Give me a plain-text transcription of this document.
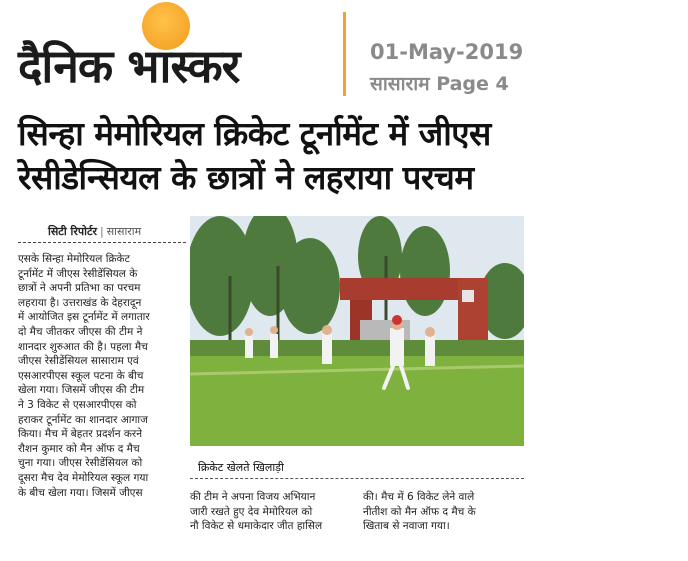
दैनिक भास्कर	01-May-2019
सासाराम Page 4
सिन्हा मेमोरियल क्रिकेट टूर्नामेंट में जीएस
रेसीडेन्सियल के छात्रों ने लहराया परचम
सिटी रिपोर्टर | सासाराम
एसके सिन्हा मेमोरियल क्रिकेट
टूर्नामेंट में जीएस रेसीडेंसियल के
छात्रों ने अपनी प्रतिभा का परचम
लहराया है। उत्तराखंड के देहरादून
में आयोजित इस टूर्नामेंट में लगातार
दो मैच जीतकर जीएस की टीम ने
शानदार शुरुआत की है। पहला मैच
जीएस रेसीडेंसियल सासाराम एवं
एसआरपीएस स्कूल पटना के बीच
खेला गया। जिसमें जीएस की टीम
ने 3 विकेट से एसआरपीएस को
हराकर टूर्नामेंट का शानदार आगाज
किया। मैच में बेहतर प्रदर्शन करने
रौशन कुमार को मैन ऑफ द मैच
चुना गया। जीएस रेसीडेंसियल को
दूसरा मैच देव मेमोरियल स्कूल गया
के बीच खेला गया। जिसमें जीएस
क्रिकेट खेलते खिलाड़ी
की टीम ने अपना विजय अभियान
जारी रखते हुए देव मेमोरियल को
नौ विकेट से धमाकेदार जीत हासिल
की। मैच में 6 विकेट लेने वाले
नीतीश को मैन ऑफ द मैच के
खिताब से नवाजा गया।
